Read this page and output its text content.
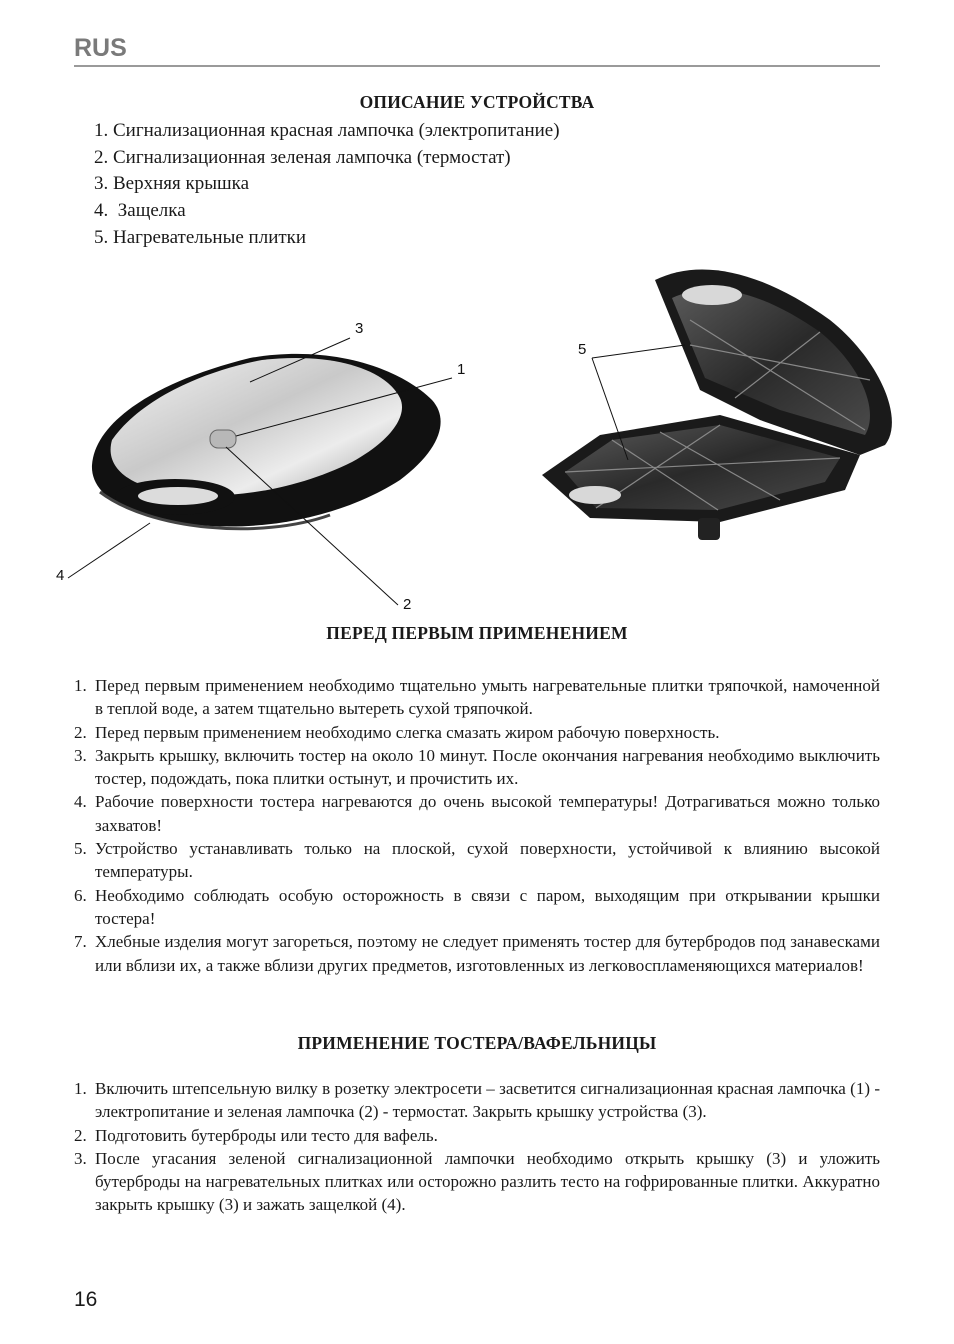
RUS
ОПИСАНИЕ УСТРОЙСТВА
1. Сигнализационная красная лампочка (электропитание)
2. Сигнализационная зеленая лампочка (термостат)
3. Верхняя крышка
4.  Защелка
5. Нагревательные плитки
3
1
2
4
5
ПЕРЕД ПЕРВЫМ ПРИМЕНЕНИЕМ
1. Перед первым применением необходимо тщательно умыть нагревательные плитки тряпочкой, намоченной в теплой воде, а затем тщательно вытереть сухой тряпочкой.
2. Перед первым применением необходимо слегка смазать жиром рабочую поверхность.
3. Закрыть крышку, включить тостер на около 10 минут. После окончания нагревания необходимо выключить тостер, подождать, пока плитки остынут, и прочистить их.
4. Рабочие поверхности тостера нагреваются до очень высокой температуры! Дотрагиваться можно только захватов!
5. Устройство устанавливать только на плоской, сухой поверхности, устойчивой к влиянию высокой температуры.
6. Необходимо соблюдать особую осторожность в связи с паром, выходящим при открывании крышки тостера!
7. Хлебные изделия могут загореться, поэтому не следует применять тостер для бутербродов под занавесками или вблизи их, а также вблизи других предметов, изготовленных из легковоспламеняющихся материалов!
ПРИМЕНЕНИЕ ТОСТЕРА/ВАФЕЛЬНИЦЫ
1. Включить штепсельную вилку в розетку электросети – засветится сигнализационная красная лампочка (1) - электропитание и зеленая лампочка (2) - термостат. Закрыть крышку устройства (3).
2. Подготовить бутерброды или тесто для вафель.
3. После угасания зеленой сигнализационной лампочки необходимо открыть крышку (3) и уложить бутерброды на нагревательных плитках или осторожно разлить тесто на гофрированные плитки. Аккуратно закрыть крышку (3) и зажать защелкой (4).
16
